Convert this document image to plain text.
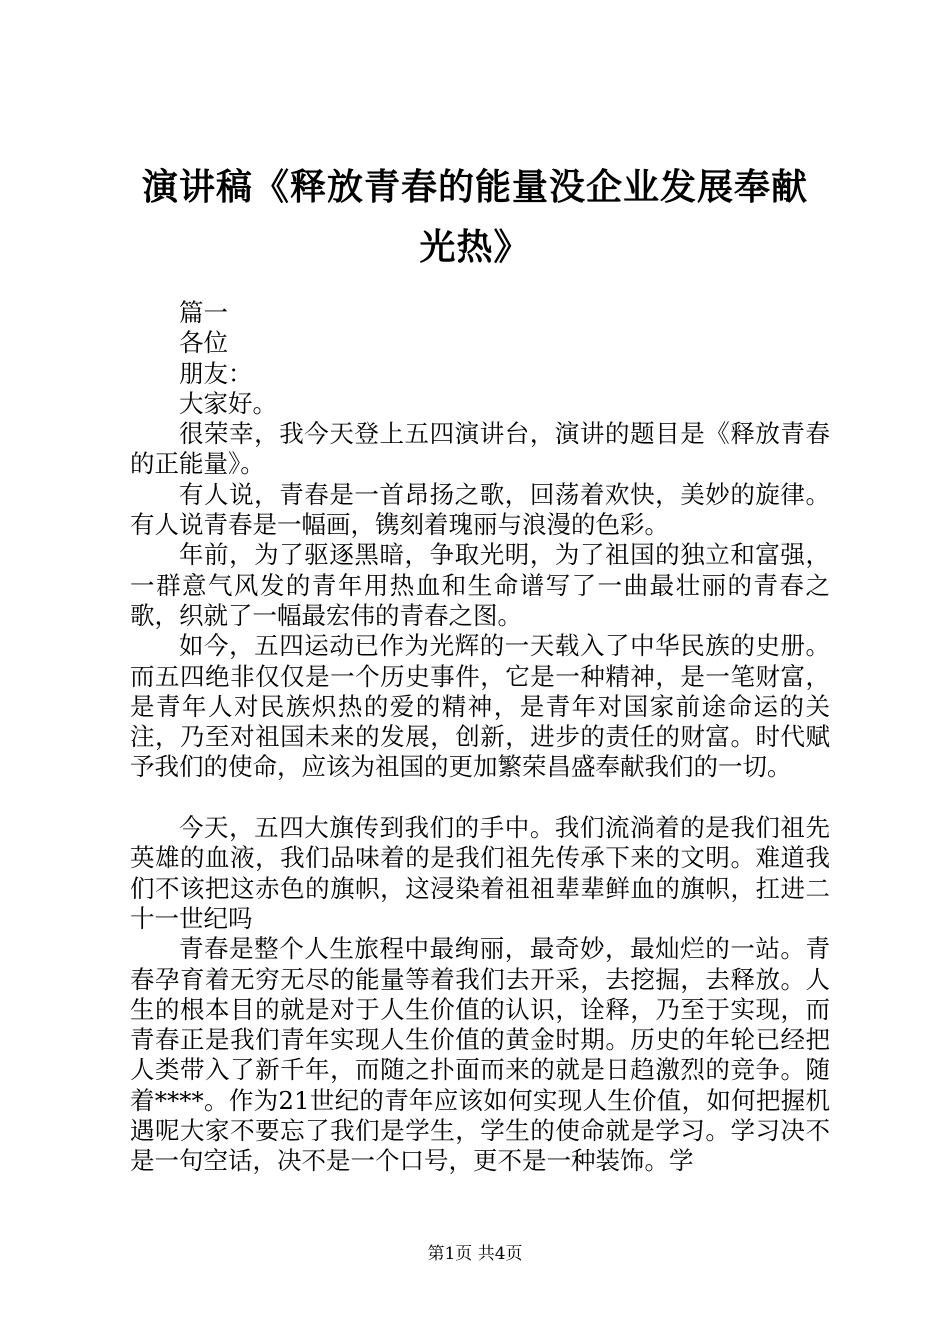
演讲稿《释放青春的能量没企业发展奉献光热》

篇一

各位

朋友：

大家好。

很荣幸，我今天登上五四演讲台，演讲的题目是《释放青春的正能量》。

有人说，青春是一首昂扬之歌，回荡着欢快，美妙的旋律。有人说青春是一幅画，镌刻着瑰丽与浪漫的色彩。

年前，为了驱逐黑暗，争取光明，为了祖国的独立和富强，一群意气风发的青年用热血和生命谱写了一曲最壮丽的青春之歌，织就了一幅最宏伟的青春之图。

如今，五四运动已作为光辉的一天载入了中华民族的史册。而五四绝非仅仅是一个历史事件，它是一种精神，是一笔财富，是青年人对民族炽热的爱的精神，是青年对国家前途命运的关注，乃至对祖国未来的发展，创新，进步的责任的财富。时代赋予我们的使命，应该为祖国的更加繁荣昌盛奉献我们的一切。

今天，五四大旗传到我们的手中。我们流淌着的是我们祖先英雄的血液，我们品味着的是我们祖先传承下来的文明。难道我们不该把这赤色的旗帜，这浸染着祖祖辈辈鲜血的旗帜，扛进二十一世纪吗

青春是整个人生旅程中最绚丽，最奇妙，最灿烂的一站。青春孕育着无穷无尽的能量等着我们去开采，去挖掘，去释放。人生的根本目的就是对于人生价值的认识，诠释，乃至于实现，而青春正是我们青年实现人生价值的黄金时期。历史的年轮已经把人类带入了新千年，而随之扑面而来的就是日趋激烈的竞争。随着****。作为21世纪的青年应该如何实现人生价值，如何把握机遇呢大家不要忘了我们是学生，学生的使命就是学习。学习决不是一句空话，决不是一个口号，更不是一种装饰。学

第1页 共4页
